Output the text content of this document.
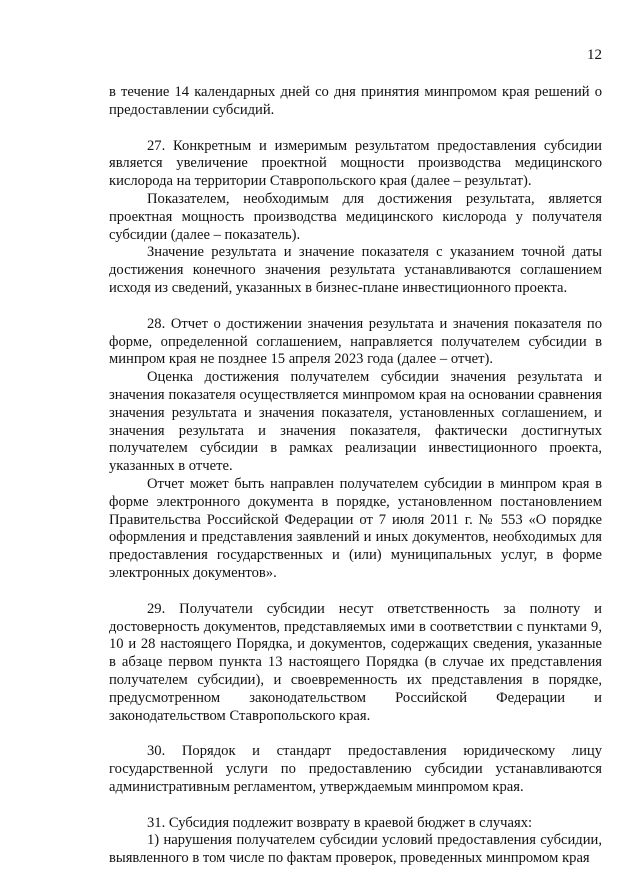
12

в течение 14 календарных дней со дня принятия минпромом края решений о предоставлении субсидий.

27. Конкретным и измеримым результатом предоставления субсидии является увеличение проектной мощности производства медицинского кислорода на территории Ставропольского края (далее – результат).

Показателем, необходимым для достижения результата, является проектная мощность производства медицинского кислорода у получателя субсидии (далее – показатель).

Значение результата и значение показателя с указанием точной даты достижения конечного значения результата устанавливаются соглашением исходя из сведений, указанных в бизнес-плане инвестиционного проекта.

28. Отчет о достижении значения результата и значения показателя по форме, определенной соглашением, направляется получателем субсидии в минпром края не позднее 15 апреля 2023 года (далее – отчет).

Оценка достижения получателем субсидии значения результата и значения показателя осуществляется минпромом края на основании сравнения значения результата и значения показателя, установленных соглашением, и значения результата и значения показателя, фактически достигнутых получателем субсидии в рамках реализации инвестиционного проекта, указанных в отчете.

Отчет может быть направлен получателем субсидии в минпром края в форме электронного документа в порядке, установленном постановлением Правительства Российской Федерации от 7 июля 2011 г. № 553 «О порядке оформления и представления заявлений и иных документов, необходимых для предоставления государственных и (или) муниципальных услуг, в форме электронных документов».

29. Получатели субсидии несут ответственность за полноту и достоверность документов, представляемых ими в соответствии с пунктами 9, 10 и 28 настоящего Порядка, и документов, содержащих сведения, указанные в абзаце первом пункта 13 настоящего Порядка (в случае их представления получателем субсидии), и своевременность их представления в порядке, предусмотренном законодательством Российской Федерации и законодательством Ставропольского края.

30. Порядок и стандарт предоставления юридическому лицу государственной услуги по предоставлению субсидии устанавливаются административным регламентом, утверждаемым минпромом края.

31. Субсидия подлежит возврату в краевой бюджет в случаях:

1) нарушения получателем субсидии условий предоставления субсидии, выявленного в том числе по фактам проверок, проведенных минпромом края
